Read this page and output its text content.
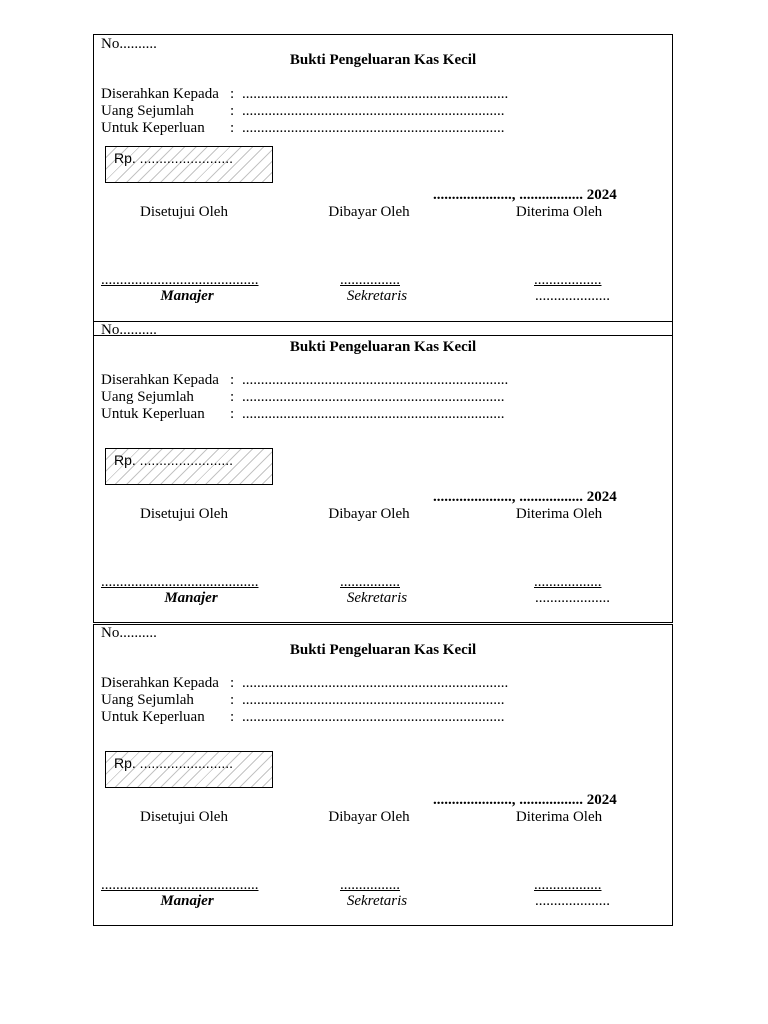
No..........
Bukti Pengeluaran Kas Kecil
Diserahkan Kepada : .......................................................................
Uang Sejumlah : ......................................................................
Untuk Keperluan : ......................................................................
Rp. ........................
....................., ................. 2024
Disetujui Oleh	Dibayar Oleh	Diterima Oleh
..........................................	................	..................
Manajer	Sekretaris	....................
No..........
Bukti Pengeluaran Kas Kecil
Diserahkan Kepada : .......................................................................
Uang Sejumlah : ......................................................................
Untuk Keperluan : ......................................................................
Rp. ........................
....................., ................. 2024
Disetujui Oleh	Dibayar Oleh	Diterima Oleh
..........................................	................	..................
Manajer	Sekretaris	....................
No..........
Bukti Pengeluaran Kas Kecil
Diserahkan Kepada : .......................................................................
Uang Sejumlah : ......................................................................
Untuk Keperluan : ......................................................................
Rp. ........................
....................., ................. 2024
Disetujui Oleh	Dibayar Oleh	Diterima Oleh
..........................................	................	..................
Manajer	Sekretaris	....................
